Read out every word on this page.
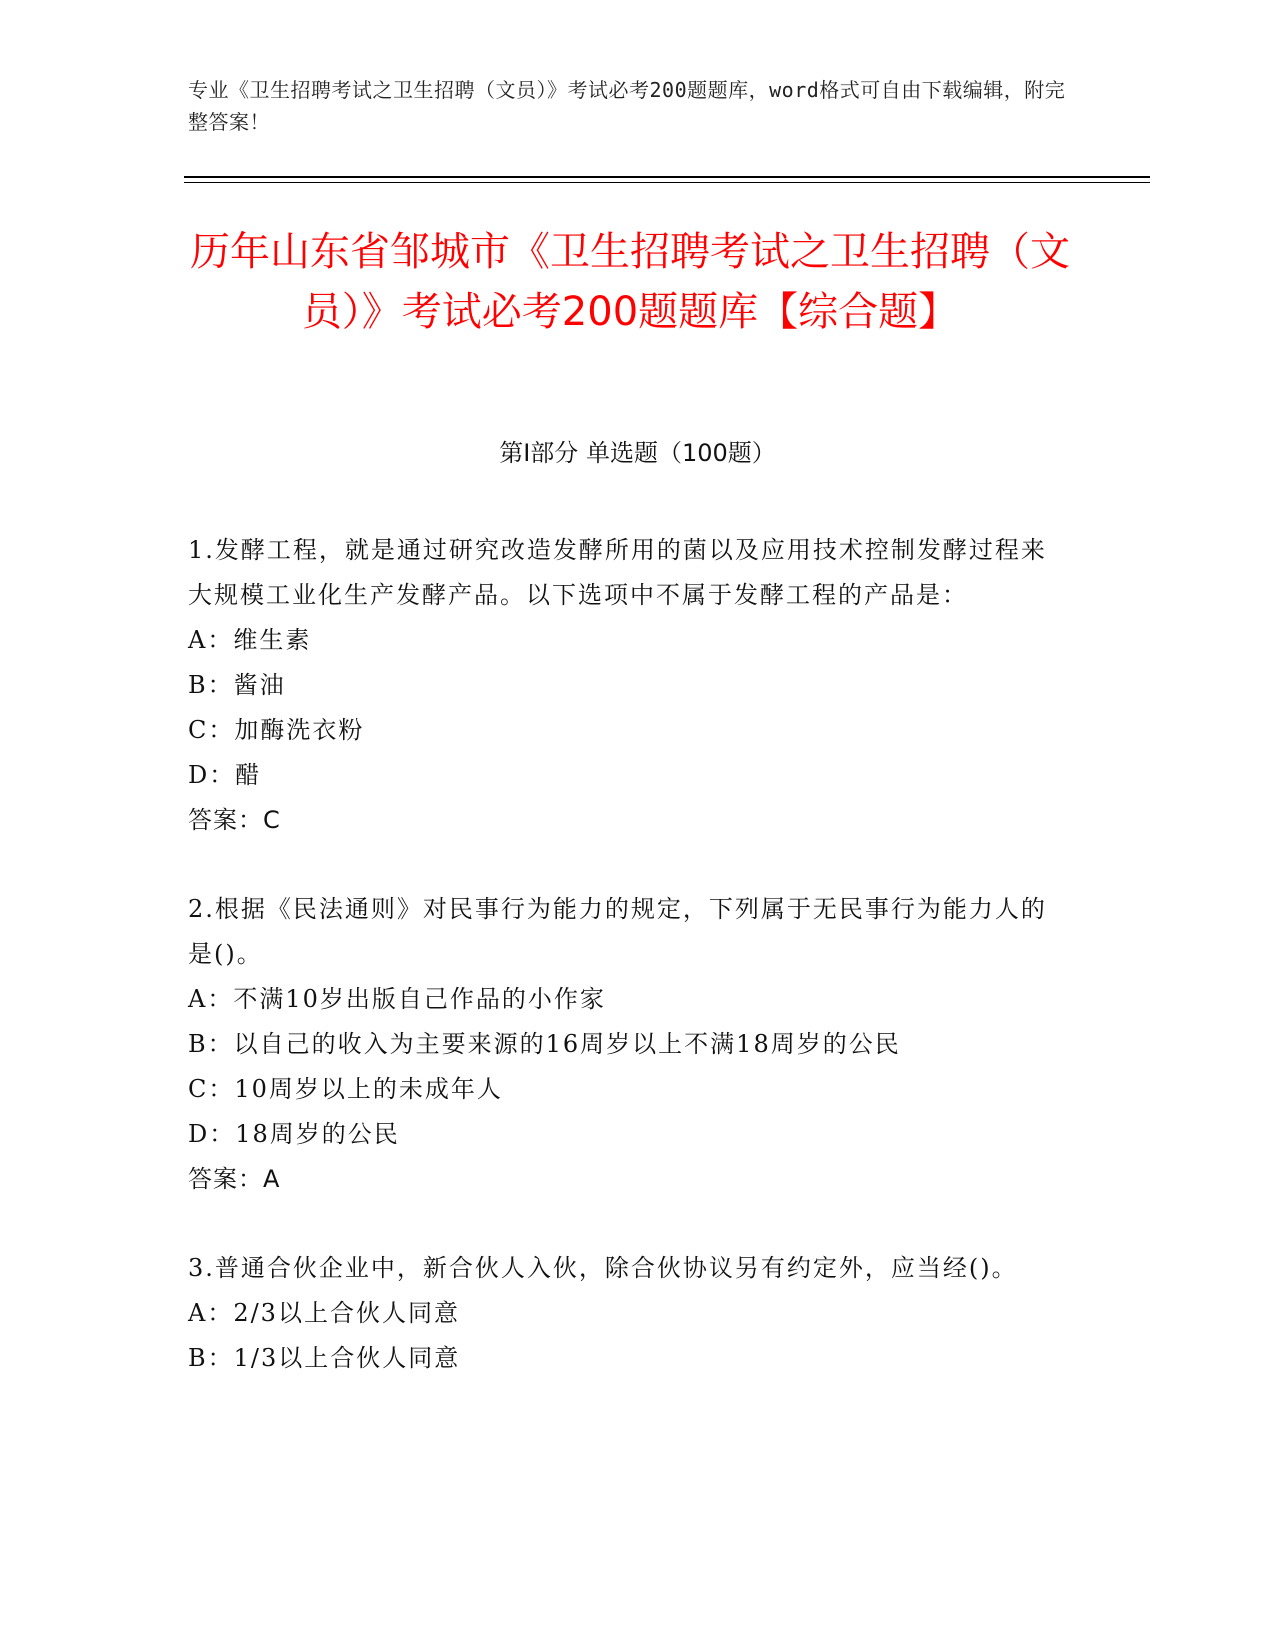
专业《卫生招聘考试之卫生招聘（文员）》考试必考200题题库，word格式可自由下载编辑，附完整答案！
历年山东省邹城市《卫生招聘考试之卫生招聘（文员）》考试必考200题题库【综合题】
第I部分 单选题（100题）

1.发酵工程，就是通过研究改造发酵所用的菌以及应用技术控制发酵过程来大规模工业化生产发酵产品。以下选项中不属于发酵工程的产品是：

A：维生素

B：酱油

C：加酶洗衣粉

D：醋

答案：C

2.根据《民法通则》对民事行为能力的规定，下列属于无民事行为能力人的是()。

A：不满10岁出版自己作品的小作家

B：以自己的收入为主要来源的16周岁以上不满18周岁的公民

C：10周岁以上的未成年人

D：18周岁的公民

答案：A

3.普通合伙企业中，新合伙人入伙，除合伙协议另有约定外，应当经()。

A：2/3以上合伙人同意

B：1/3以上合伙人同意
